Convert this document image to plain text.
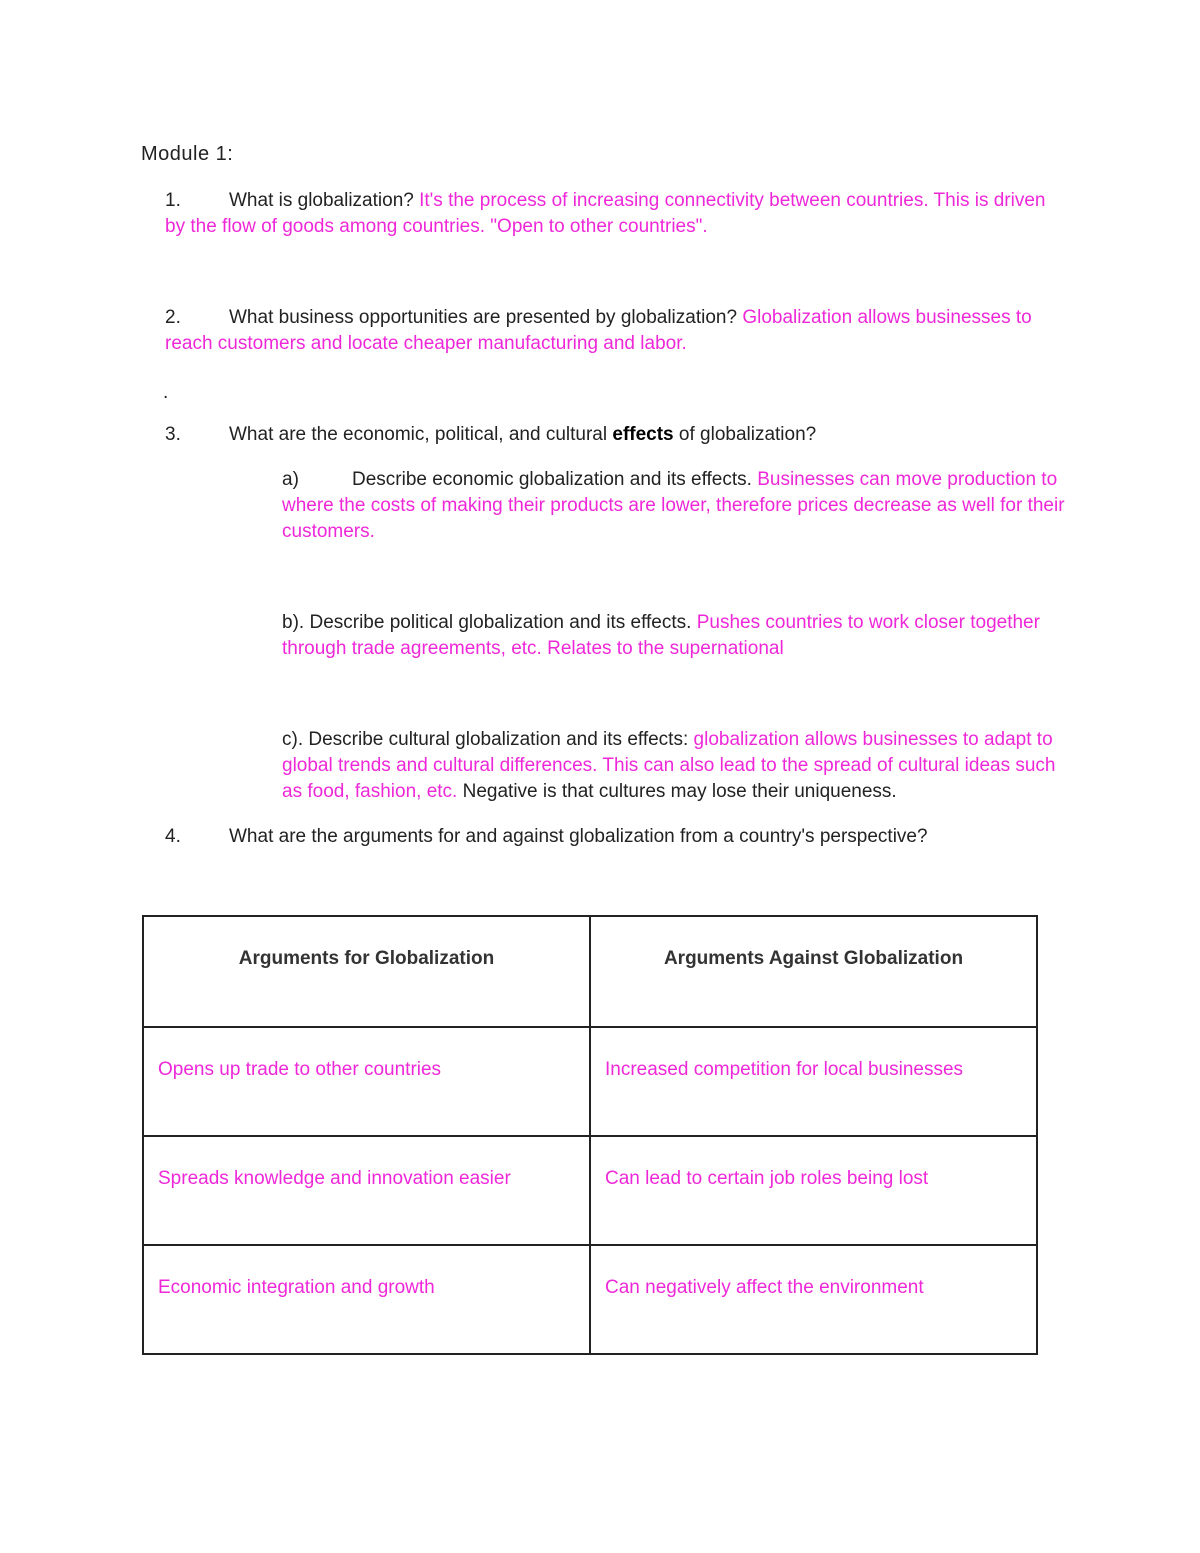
Module 1:
1.	What is globalization? It's the process of increasing connectivity between countries. This is driven by the flow of goods among countries. "Open to other countries".
2.	What business opportunities are presented by globalization? Globalization allows businesses to reach customers and locate cheaper manufacturing and labor.
.
3.	What are the economic, political, and cultural effects of globalization?
a)	Describe economic globalization and its effects. Businesses can move production to where the costs of making their products are lower, therefore prices decrease as well for their customers.
b). Describe political globalization and its effects. Pushes countries to work closer together through trade agreements, etc. Relates to the supernational
c). Describe cultural globalization and its effects: globalization allows businesses to adapt to global trends and cultural differences. This can also lead to the spread of cultural ideas such as food, fashion, etc. Negative is that cultures may lose their uniqueness.
4.	What are the arguments for and against globalization from a country's perspective?
Arguments for Globalization	Arguments Against Globalization
Opens up trade to other countries	Increased competition for local businesses
Spreads knowledge and innovation easier	Can lead to certain job roles being lost
Economic integration and growth	Can negatively affect the environment
